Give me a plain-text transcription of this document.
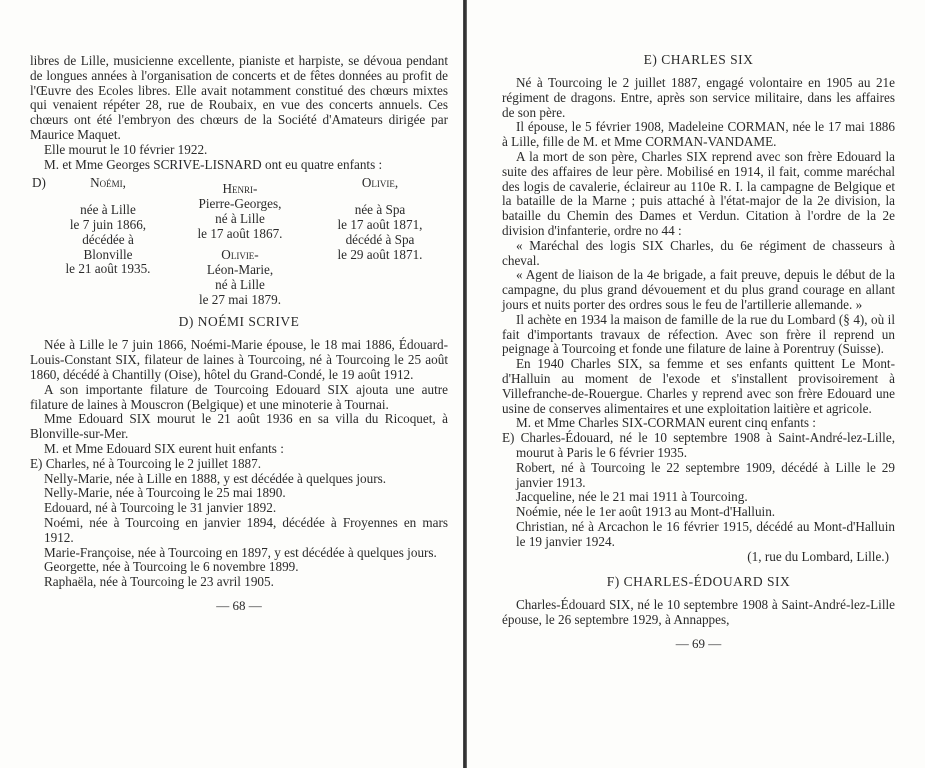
libres de Lille, musicienne excellente, pianiste et harpiste, se dévoua pendant de longues années à l'organisation de concerts et de fêtes données au profit de l'Œuvre des Ecoles libres. Elle avait notamment constitué des chœurs mixtes qui venaient répéter 28, rue de Roubaix, en vue des concerts annuels. Ces chœurs ont été l'embryon des chœurs de la Société d'Amateurs dirigée par Maurice Maquet.

Elle mourut le 10 février 1922.

M. et Mme Georges SCRIVE-LISNARD ont eu quatre enfants :

D)	Noémi,
née à Lille
le 7 juin 1866,
décédée à Blonville
le 21 août 1935.
Henri-
Pierre-Georges,
né à Lille
le 17 août 1867.
Olivie,
née à Spa
le 17 août 1871,
décédé à Spa
le 29 août 1871.
Olivie-
Léon-Marie,
né à Lille
le 27 mai 1879.
D) NOÉMI SCRIVE

Née à Lille le 7 juin 1866, Noémi-Marie épouse, le 18 mai 1886, Édouard-Louis-Constant SIX, filateur de laines à Tourcoing, né à Tourcoing le 25 août 1860, décédé à Chantilly (Oise), hôtel du Grand-Condé, le 19 août 1912.

A son importante filature de Tourcoing Edouard SIX ajouta une autre filature de laines à Mouscron (Belgique) et une minoterie à Tournai.

Mme Edouard SIX mourut le 21 août 1936 en sa villa du Ricoquet, à Blonville-sur-Mer.

M. et Mme Edouard SIX eurent huit enfants :

E) Charles, né à Tourcoing le 2 juillet 1887.

Nelly-Marie, née à Lille en 1888, y est décédée à quelques jours.

Nelly-Marie, née à Tourcoing le 25 mai 1890.

Edouard, né à Tourcoing le 31 janvier 1892.

Noémi, née à Tourcoing en janvier 1894, décédée à Froyennes en mars 1912.

Marie-Françoise, née à Tourcoing en 1897, y est décédée à quelques jours.

Georgette, née à Tourcoing le 6 novembre 1899.

Raphaëla, née à Tourcoing le 23 avril 1905.

— 68 —
E) CHARLES SIX

Né à Tourcoing le 2 juillet 1887, engagé volontaire en 1905 au 21e régiment de dragons. Entre, après son service militaire, dans les affaires de son père.

Il épouse, le 5 février 1908, Madeleine CORMAN, née le 17 mai 1886 à Lille, fille de M. et Mme CORMAN-VANDAME.

A la mort de son père, Charles SIX reprend avec son frère Edouard la suite des affaires de leur père. Mobilisé en 1914, il fait, comme maréchal des logis de cavalerie, éclaireur au 110e R. I. la campagne de Belgique et la bataille de la Marne ; puis attaché à l'état-major de la 2e division, la bataille du Chemin des Dames et Verdun. Citation à l'ordre de la 2e division d'infanterie, ordre no 44 :

« Maréchal des logis SIX Charles, du 6e régiment de chasseurs à cheval.

« Agent de liaison de la 4e brigade, a fait preuve, depuis le début de la campagne, du plus grand dévouement et du plus grand courage en allant jours et nuits porter des ordres sous le feu de l'artillerie allemande. »

Il achète en 1934 la maison de famille de la rue du Lombard (§ 4), où il fait d'importants travaux de réfection. Avec son frère il reprend un peignage à Tourcoing et fonde une filature de laine à Porentruy (Suisse).

En 1940 Charles SIX, sa femme et ses enfants quittent Le Mont-d'Halluin au moment de l'exode et s'installent provisoirement à Villefranche-de-Rouergue. Charles y reprend avec son frère Edouard une usine de conserves alimentaires et une exploitation laitière et agricole.

M. et Mme Charles SIX-CORMAN eurent cinq enfants :

E) Charles-Édouard, né le 10 septembre 1908 à Saint-André-lez-Lille, mourut à Paris le 6 février 1935.

Robert, né à Tourcoing le 22 septembre 1909, décédé à Lille le 29 janvier 1913.

Jacqueline, née le 21 mai 1911 à Tourcoing.

Noémie, née le 1er août 1913 au Mont-d'Halluin.

Christian, né à Arcachon le 16 février 1915, décédé au Mont-d'Halluin le 19 janvier 1924.

(1, rue du Lombard, Lille.)

F) CHARLES-ÉDOUARD SIX

Charles-Édouard SIX, né le 10 septembre 1908 à Saint-André-lez-Lille épouse, le 26 septembre 1929, à Annappes,

— 69 —
